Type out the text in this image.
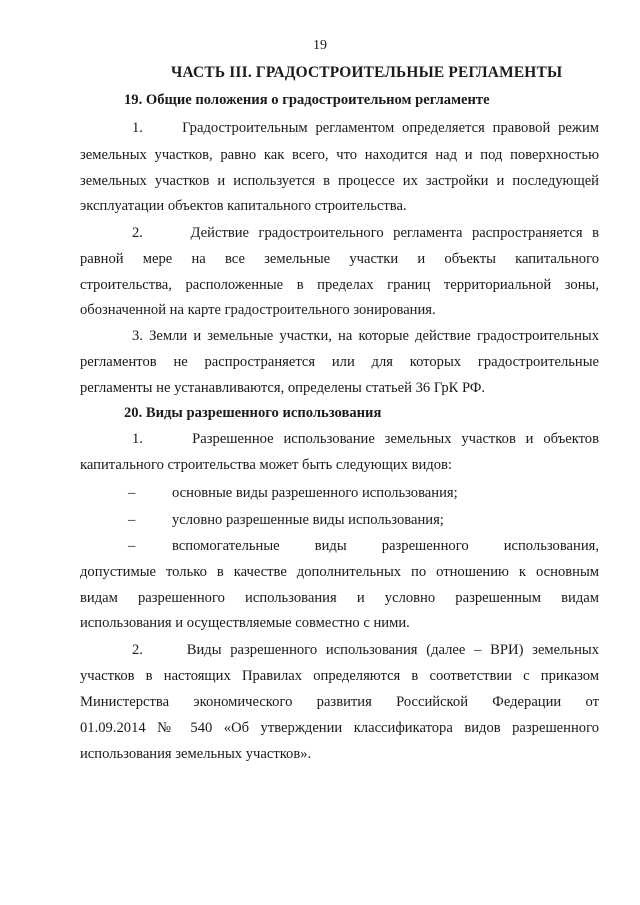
19
ЧАСТЬ III. ГРАДОСТРОИТЕЛЬНЫЕ РЕГЛАМЕНТЫ
19. Общие положения о градостроительном регламенте
1.     Градостроительным регламентом определяется правовой режим
земельных участков, равно как всего, что находится над и под поверхностью
земельных участков и используется в процессе их застройки и последующей
эксплуатации объектов капитального строительства.
2.     Действие градостроительного регламента распространяется в
равной мере на все земельные участки и объекты капитального
строительства, расположенные в пределах границ территориальной зоны,
обозначенной на карте градостроительного зонирования.
3. Земли и земельные участки, на которые действие градостроительных
регламентов не распространяется или для которых градостроительные
регламенты не устанавливаются, определены статьей 36 ГрК РФ.
20. Виды разрешенного использования
1.     Разрешенное использование земельных участков и объектов
капитального строительства может быть следующих видов:
–	основные виды разрешенного использования;
–	условно разрешенные виды использования;
–	вспомогательные виды разрешенного использования,
допустимые только в качестве дополнительных по отношению к основным
видам разрешенного использования и условно разрешенным видам
использования и осуществляемые совместно с ними.
2.     Виды разрешенного использования (далее – ВРИ) земельных
участков в настоящих Правилах определяются в соответствии с приказом
Министерства экономического развития Российской Федерации от
01.09.2014 № 540 «Об утверждении классификатора видов разрешенного
использования земельных участков».
